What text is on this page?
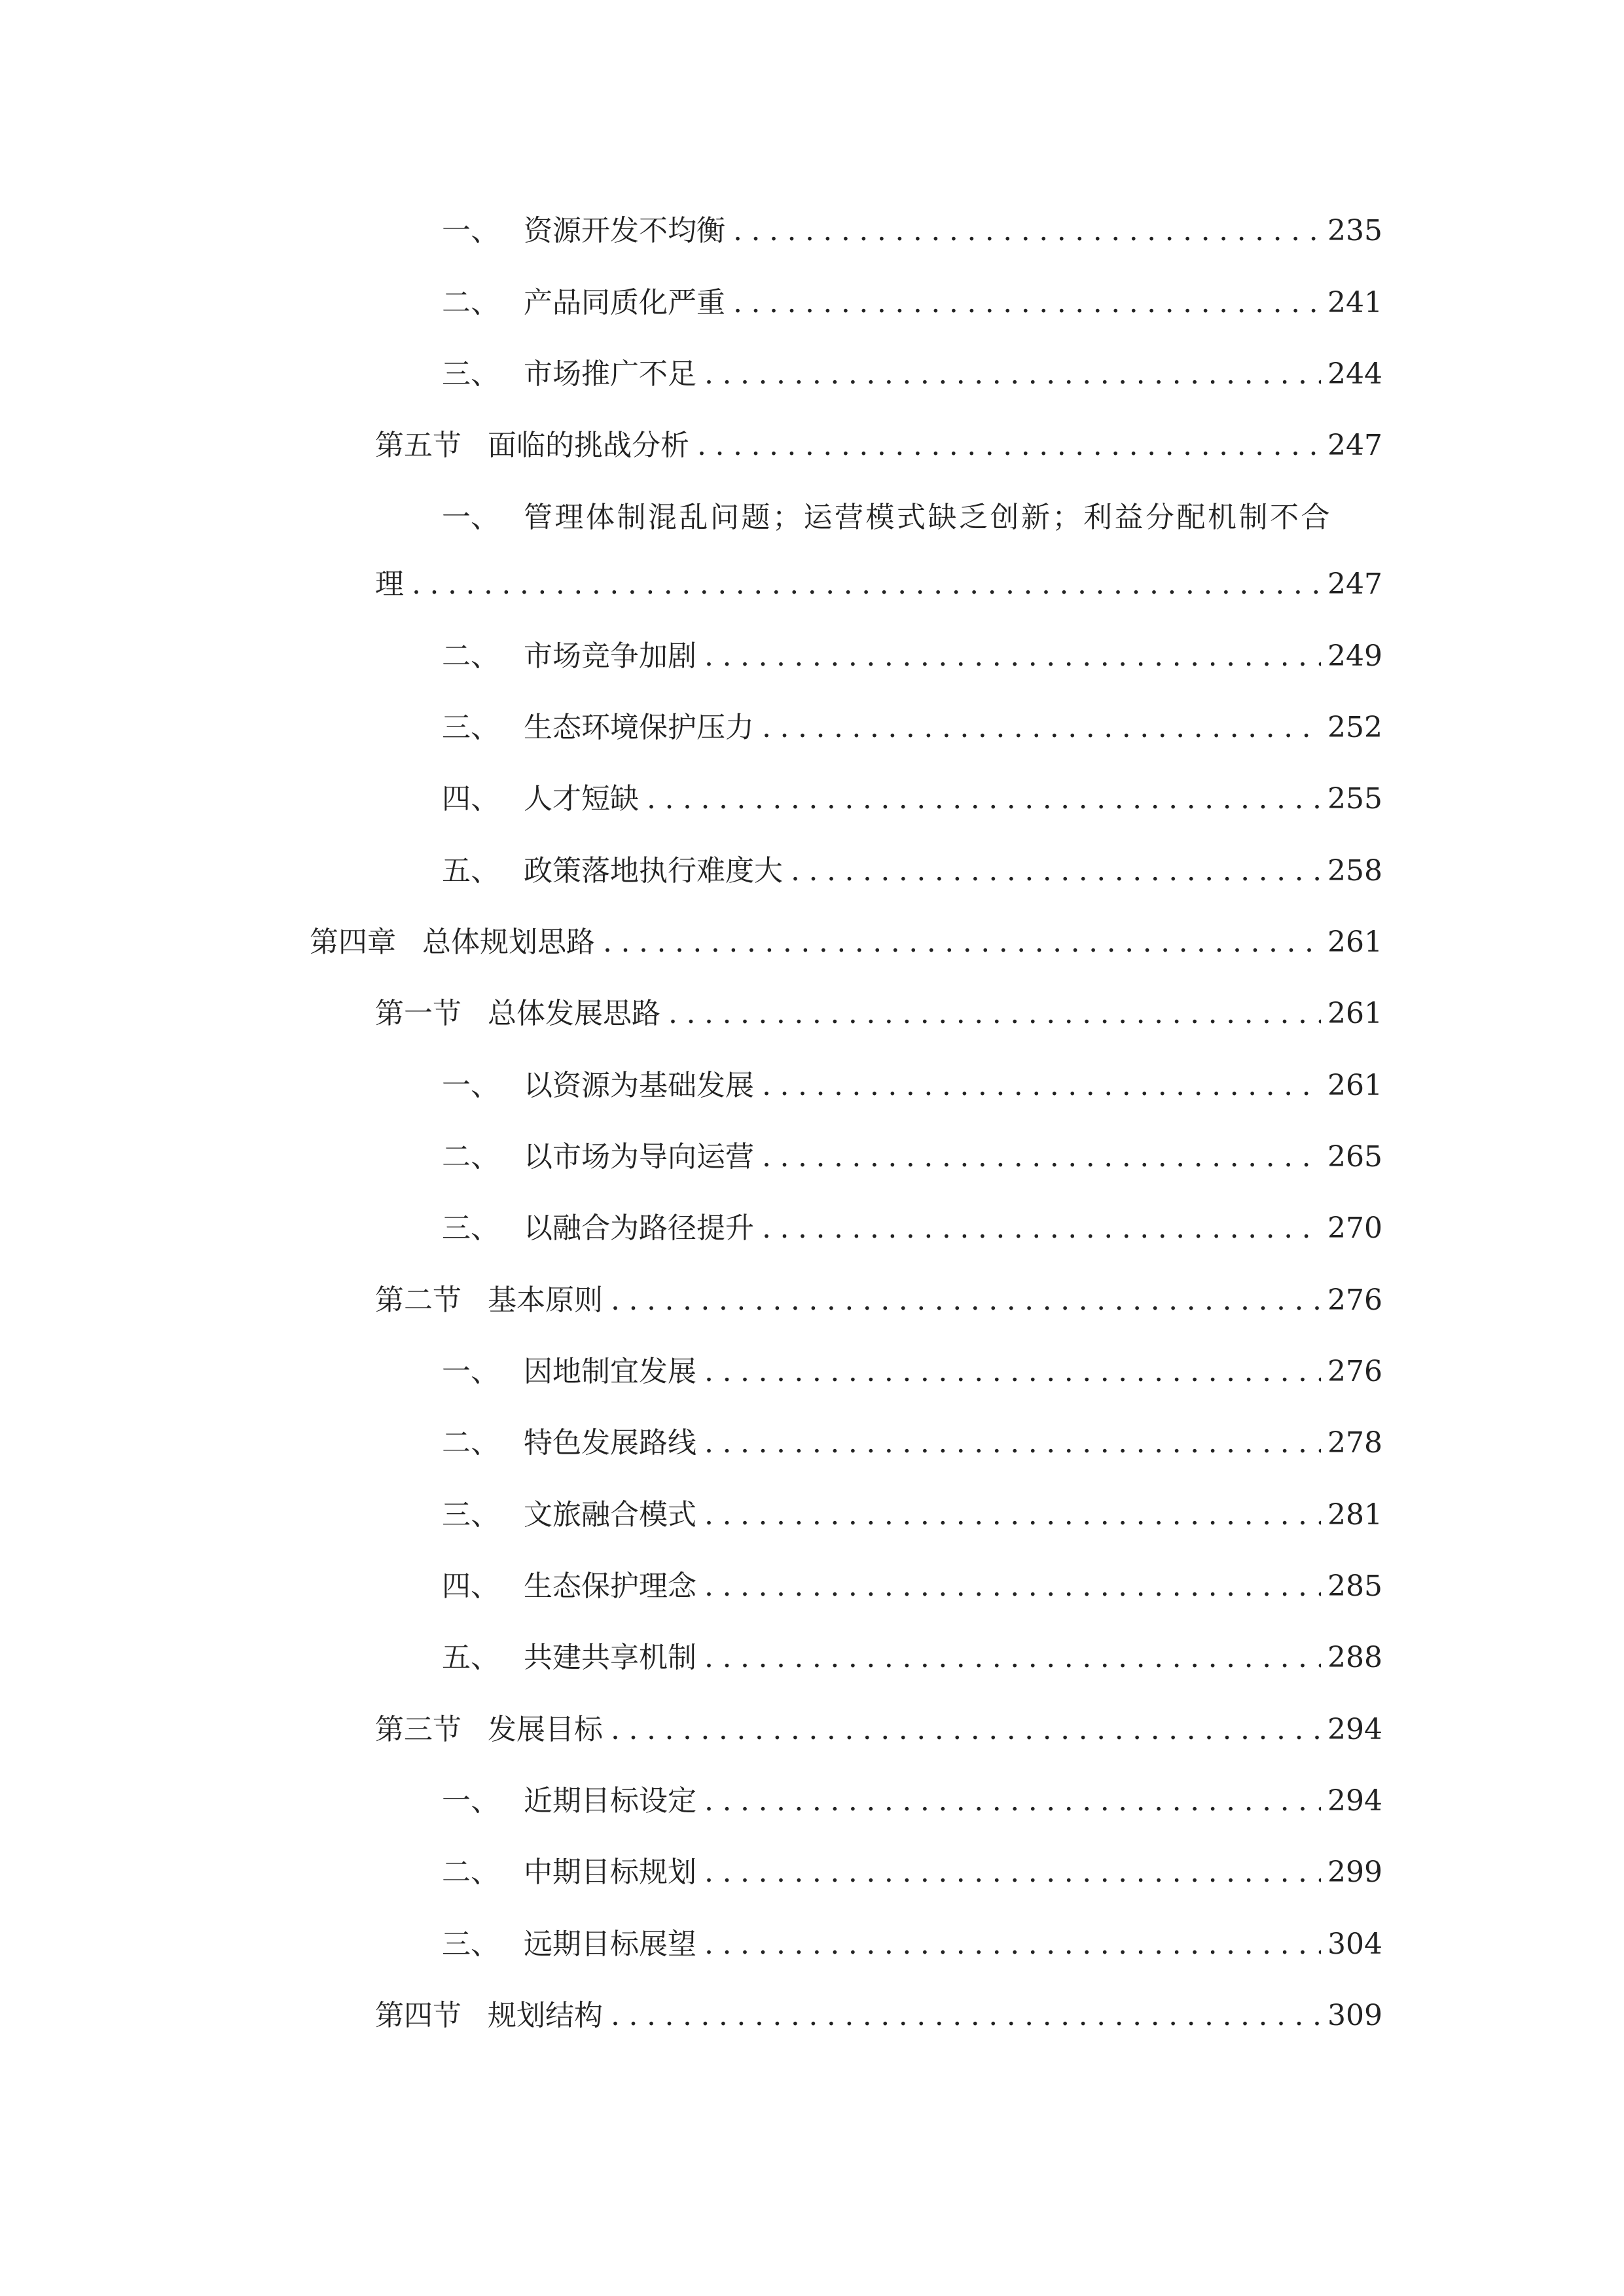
一、 资源开发不均衡 .....	235
二、 产品同质化严重 .....	241
三、 市场推广不足 .....	244
第五节 面临的挑战分析 .....	247
一、 管理体制混乱问题；运营模式缺乏创新；利益分配机制不合
理 .....	247
二、 市场竞争加剧 .....	249
三、 生态环境保护压力 .....	252
四、 人才短缺 .....	255
五、 政策落地执行难度大 .....	258
第四章 总体规划思路 .....	261
第一节 总体发展思路 .....	261
一、 以资源为基础发展 .....	261
二、 以市场为导向运营 .....	265
三、 以融合为路径提升 .....	270
第二节 基本原则 .....	276
一、 因地制宜发展 .....	276
二、 特色发展路线 .....	278
三、 文旅融合模式 .....	281
四、 生态保护理念 .....	285
五、 共建共享机制 .....	288
第三节 发展目标 .....	294
一、 近期目标设定 .....	294
二、 中期目标规划 .....	299
三、 远期目标展望 .....	304
第四节 规划结构 .....	309
